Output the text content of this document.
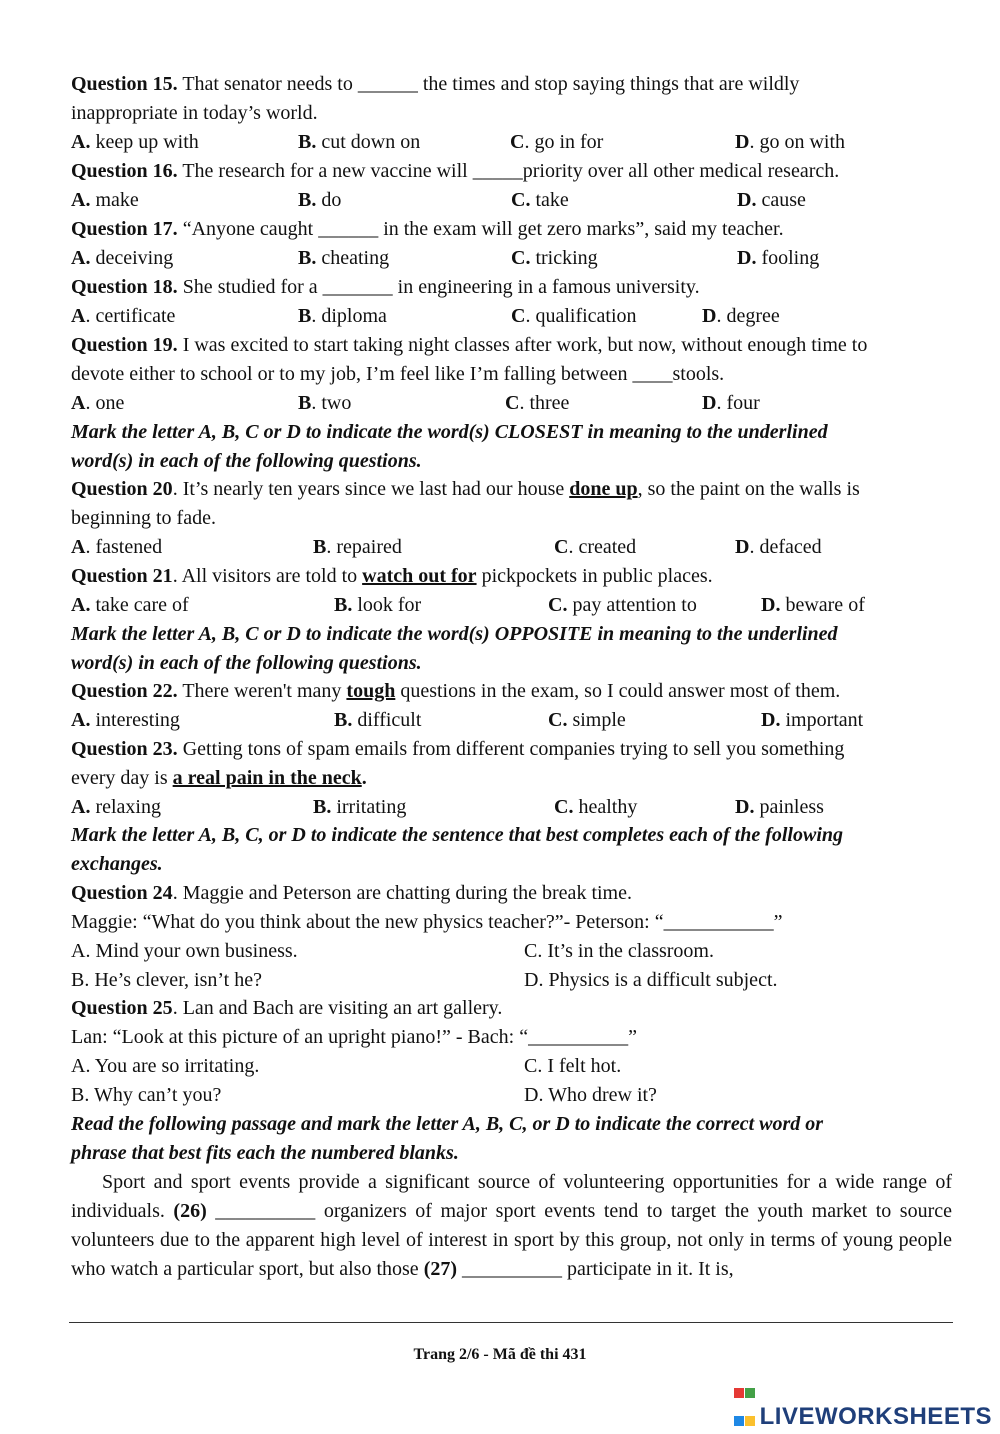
Question 15. That senator needs to ______ the times and stop saying things that are wildly
inappropriate in today’s world.
A. keep up with	B. cut down on	C. go in for	D. go on with
Question 16. The research for a new vaccine will _____priority over all other medical research.
A. make	B. do	C. take	D. cause
Question 17. “Anyone caught ______ in the exam will get zero marks”, said my teacher.
A. deceiving	B. cheating	C. tricking	D. fooling
Question 18. She studied for a _______ in engineering in a famous university.
A. certificate	B. diploma	C. qualification	D. degree
Question 19. I was excited to start taking night classes after work, but now, without enough time to
devote either to school or to my job, I’m feel like I’m falling between ____stools.
A. one	B. two	C. three	D. four
Mark the letter A, B, C or D to indicate the word(s) CLOSEST in meaning to the underlined
word(s) in each of the following questions.
Question 20. It’s nearly ten years since we last had our house done up, so the paint on the walls is
beginning to fade.
A. fastened	B. repaired	C. created	D. defaced
Question 21. All visitors are told to watch out for pickpockets in public places.
A. take care of	B. look for	C. pay attention to	D. beware of
Mark the letter A, B, C or D to indicate the word(s) OPPOSITE in meaning to the underlined
word(s) in each of the following questions.
Question 22. There weren't many tough questions in the exam, so I could answer most of them.
A. interesting	B. difficult	C. simple	D. important
Question 23. Getting tons of spam emails from different companies trying to sell you something
every day is a real pain in the neck.
A. relaxing	B. irritating	C. healthy	D. painless
Mark the letter A, B, C, or D to indicate the sentence that best completes each of the following
exchanges.
Question 24. Maggie and Peterson are chatting during the break time.
Maggie: “What do you think about the new physics teacher?”- Peterson: “___________”
A. Mind your own business.	C. It’s in the classroom.
B. He’s clever, isn’t he?	D. Physics is a difficult subject.
Question 25. Lan and Bach are visiting an art gallery.
Lan: “Look at this picture of an upright piano!” - Bach: “__________”
A. You are so irritating.	C. I felt hot.
B. Why can’t you?	D. Who drew it?
Read the following passage and mark the letter A, B, C, or D to indicate the correct word or
phrase that best fits each the numbered blanks.
Sport and sport events provide a significant source of volunteering opportunities for a wide range of individuals. (26) __________ organizers of major sport events tend to target the youth market to source volunteers due to the apparent high level of interest in sport by this group, not only in terms of young people who watch a particular sport, but also those (27) __________ participate in it. It is,
Trang 2/6 - Mã đề thi 431
LIVEWORKSHEETS
